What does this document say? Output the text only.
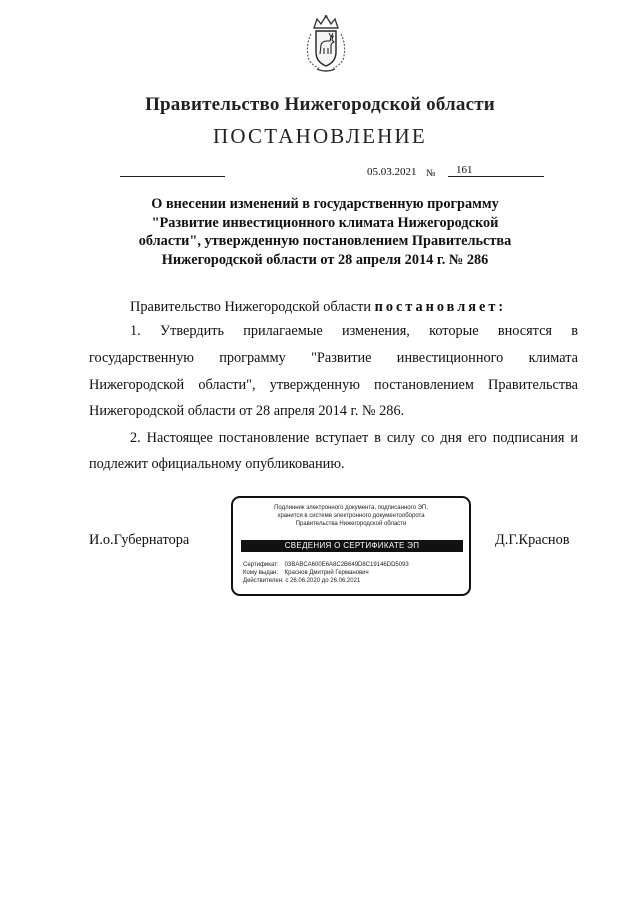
Правительство Нижегородской области
ПОСТАНОВЛЕНИЕ
05.03.2021 №	161
О внесении изменений в государственную программу
"Развитие инвестиционного климата Нижегородской
области", утвержденную постановлением Правительства
Нижегородской области от 28 апреля 2014 г. № 286
Правительство Нижегородской области постановляет:
1. Утвердить прилагаемые изменения, которые вносятся в
государственную программу "Развитие инвестиционного климата
Нижегородской области", утвержденную постановлением Правительства
Нижегородской области от 28 апреля 2014 г. № 286.
2. Настоящее постановление вступает в силу со дня его подписания и
подлежит официальному опубликованию.
И.о.Губернатора	Д.Г.Краснов
Подлинник электронного документа, подписанного ЭП,
хранится в системе электронного документооборота
Правительства Нижегородской области
СВЕДЕНИЯ О СЕРТИФИКАТЕ ЭП
Сертификат: 03BABCA600E6A8C2B649D8C19146DD5093
Кому выдан: Краснов Дмитрий Германович
Действителен: с 26.06.2020 до 26.06.2021
